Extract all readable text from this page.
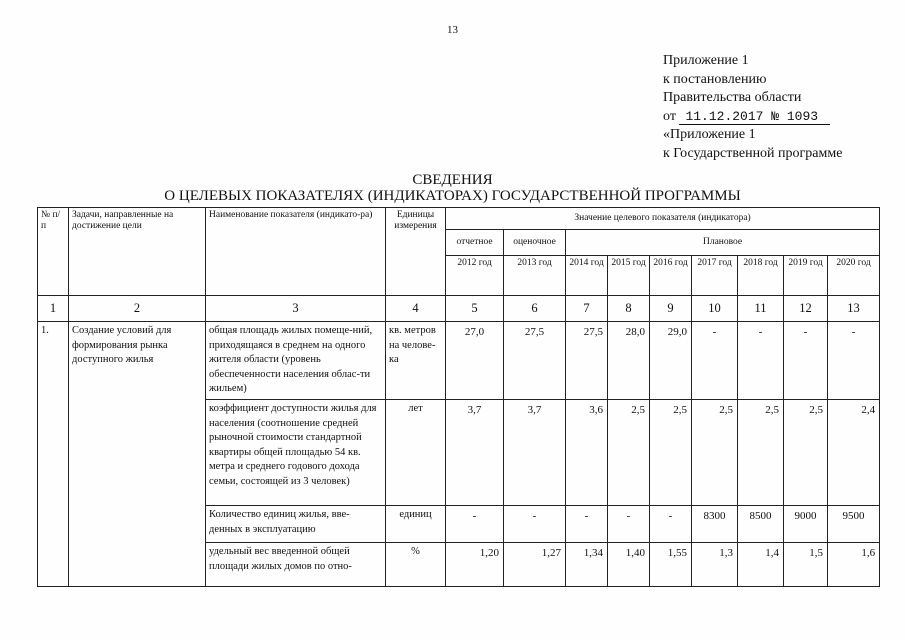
13
Приложение 1
к постановлению
Правительства области
от 11.12.2017 № 1093
«Приложение 1
к Государственной программе
СВЕДЕНИЯ
О ЦЕЛЕВЫХ ПОКАЗАТЕЛЯХ (ИНДИКАТОРАХ) ГОСУДАРСТВЕННОЙ ПРОГРАММЫ
№ п/п	Задачи, направленные на достижение цели	Наименование показателя (индикато-ра)	Единицы измерения	Значение целевого показателя (индикатора)								
				отчетное	оценочное	Плановое						
				2012 год	2013 год	2014 год	2015 год	2016 год	2017 год	2018 год	2019 год	2020 год
1	2	3	4	5	6	7	8	9	10	11	12	13
1.	Создание условий для формирования рынка доступного жилья	общая площадь жилых помеще-ний, приходящаяся в среднем на одного жителя области (уровень обеспеченности населения облас-ти жильем)	кв. метров на челове-ка	27,0	27,5	27,5	28,0	29,0	-	-	-	-
		коэффициент доступности жилья для населения (соотношение средней рыночной стоимости стандартной квартиры общей площадью 54 кв. метра и среднего годового дохода семьи, состоящей из 3 человек)	лет	3,7	3,7	3,6	2,5	2,5	2,5	2,5	2,5	2,4
		Количество единиц жилья, вве-денных в эксплуатацию	единиц	-	-	-	-	-	8300	8500	9000	9500
		удельный вес введенной общей площади жилых домов по отно-	%	1,20	1,27	1,34	1,40	1,55	1,3	1,4	1,5	1,6
